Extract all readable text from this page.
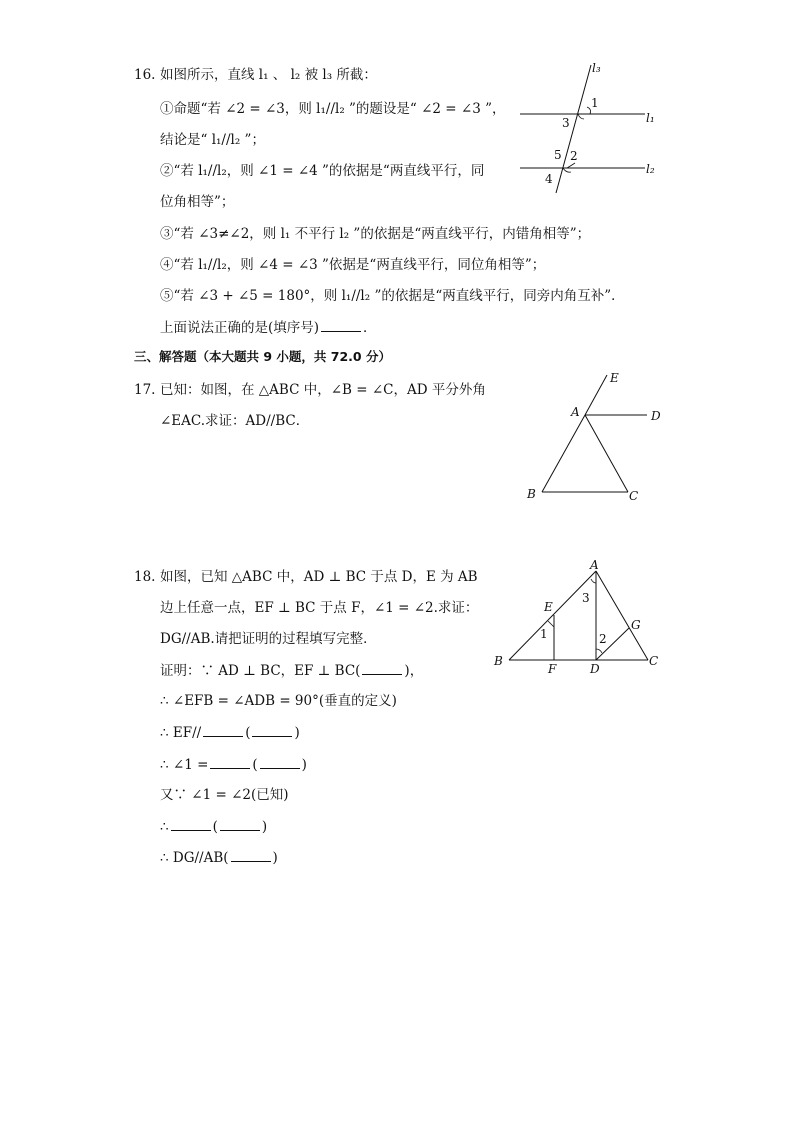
16. 如图所示，直线 l₁ 、 l₂ 被 l₃ 所截：
①命题“若 ∠2 = ∠3，则 l₁//l₂ ”的题设是“ ∠2 = ∠3 ”，
结论是“ l₁//l₂ ”；
②“若 l₁//l₂，则 ∠1 = ∠4 ”的依据是“两直线平行，同
位角相等”；
③“若 ∠3≠∠2，则 l₁ 不平行 l₂ ”的依据是“两直线平行，内错角相等”；
④“若 l₁//l₂，则 ∠4 = ∠3 ”依据是“两直线平行，同位角相等”；
⑤“若 ∠3 + ∠5 = 180°，则 l₁//l₂ ”的依据是“两直线平行，同旁内角互补”．
上面说法正确的是(填序号)	．
l₃
l₁
l₂
1
3
5 2
4
三、解答题（本大题共 9 小题，共 72.0 分）
17. 已知：如图，在 △ABC 中，∠B = ∠C，AD 平分外角
∠EAC.求证：AD//BC．
E
A	D
B	C
18. 如图，已知 △ABC 中，AD ⊥ BC 于点 D，E 为 AB
边上任意一点，EF ⊥ BC 于点 F，∠1 = ∠2.求证：
DG//AB.请把证明的过程填写完整．
证明：∵ AD ⊥ BC，EF ⊥ BC(	)，
∴ ∠EFB = ∠ADB = 90°(垂直的定义)
∴ EF//	(	)
∴ ∠1 =	(	)
又∵ ∠1 = ∠2(已知)
∴	(	)
∴ DG//AB(	)
A
E
G
B
F	D
C
1
3
2
